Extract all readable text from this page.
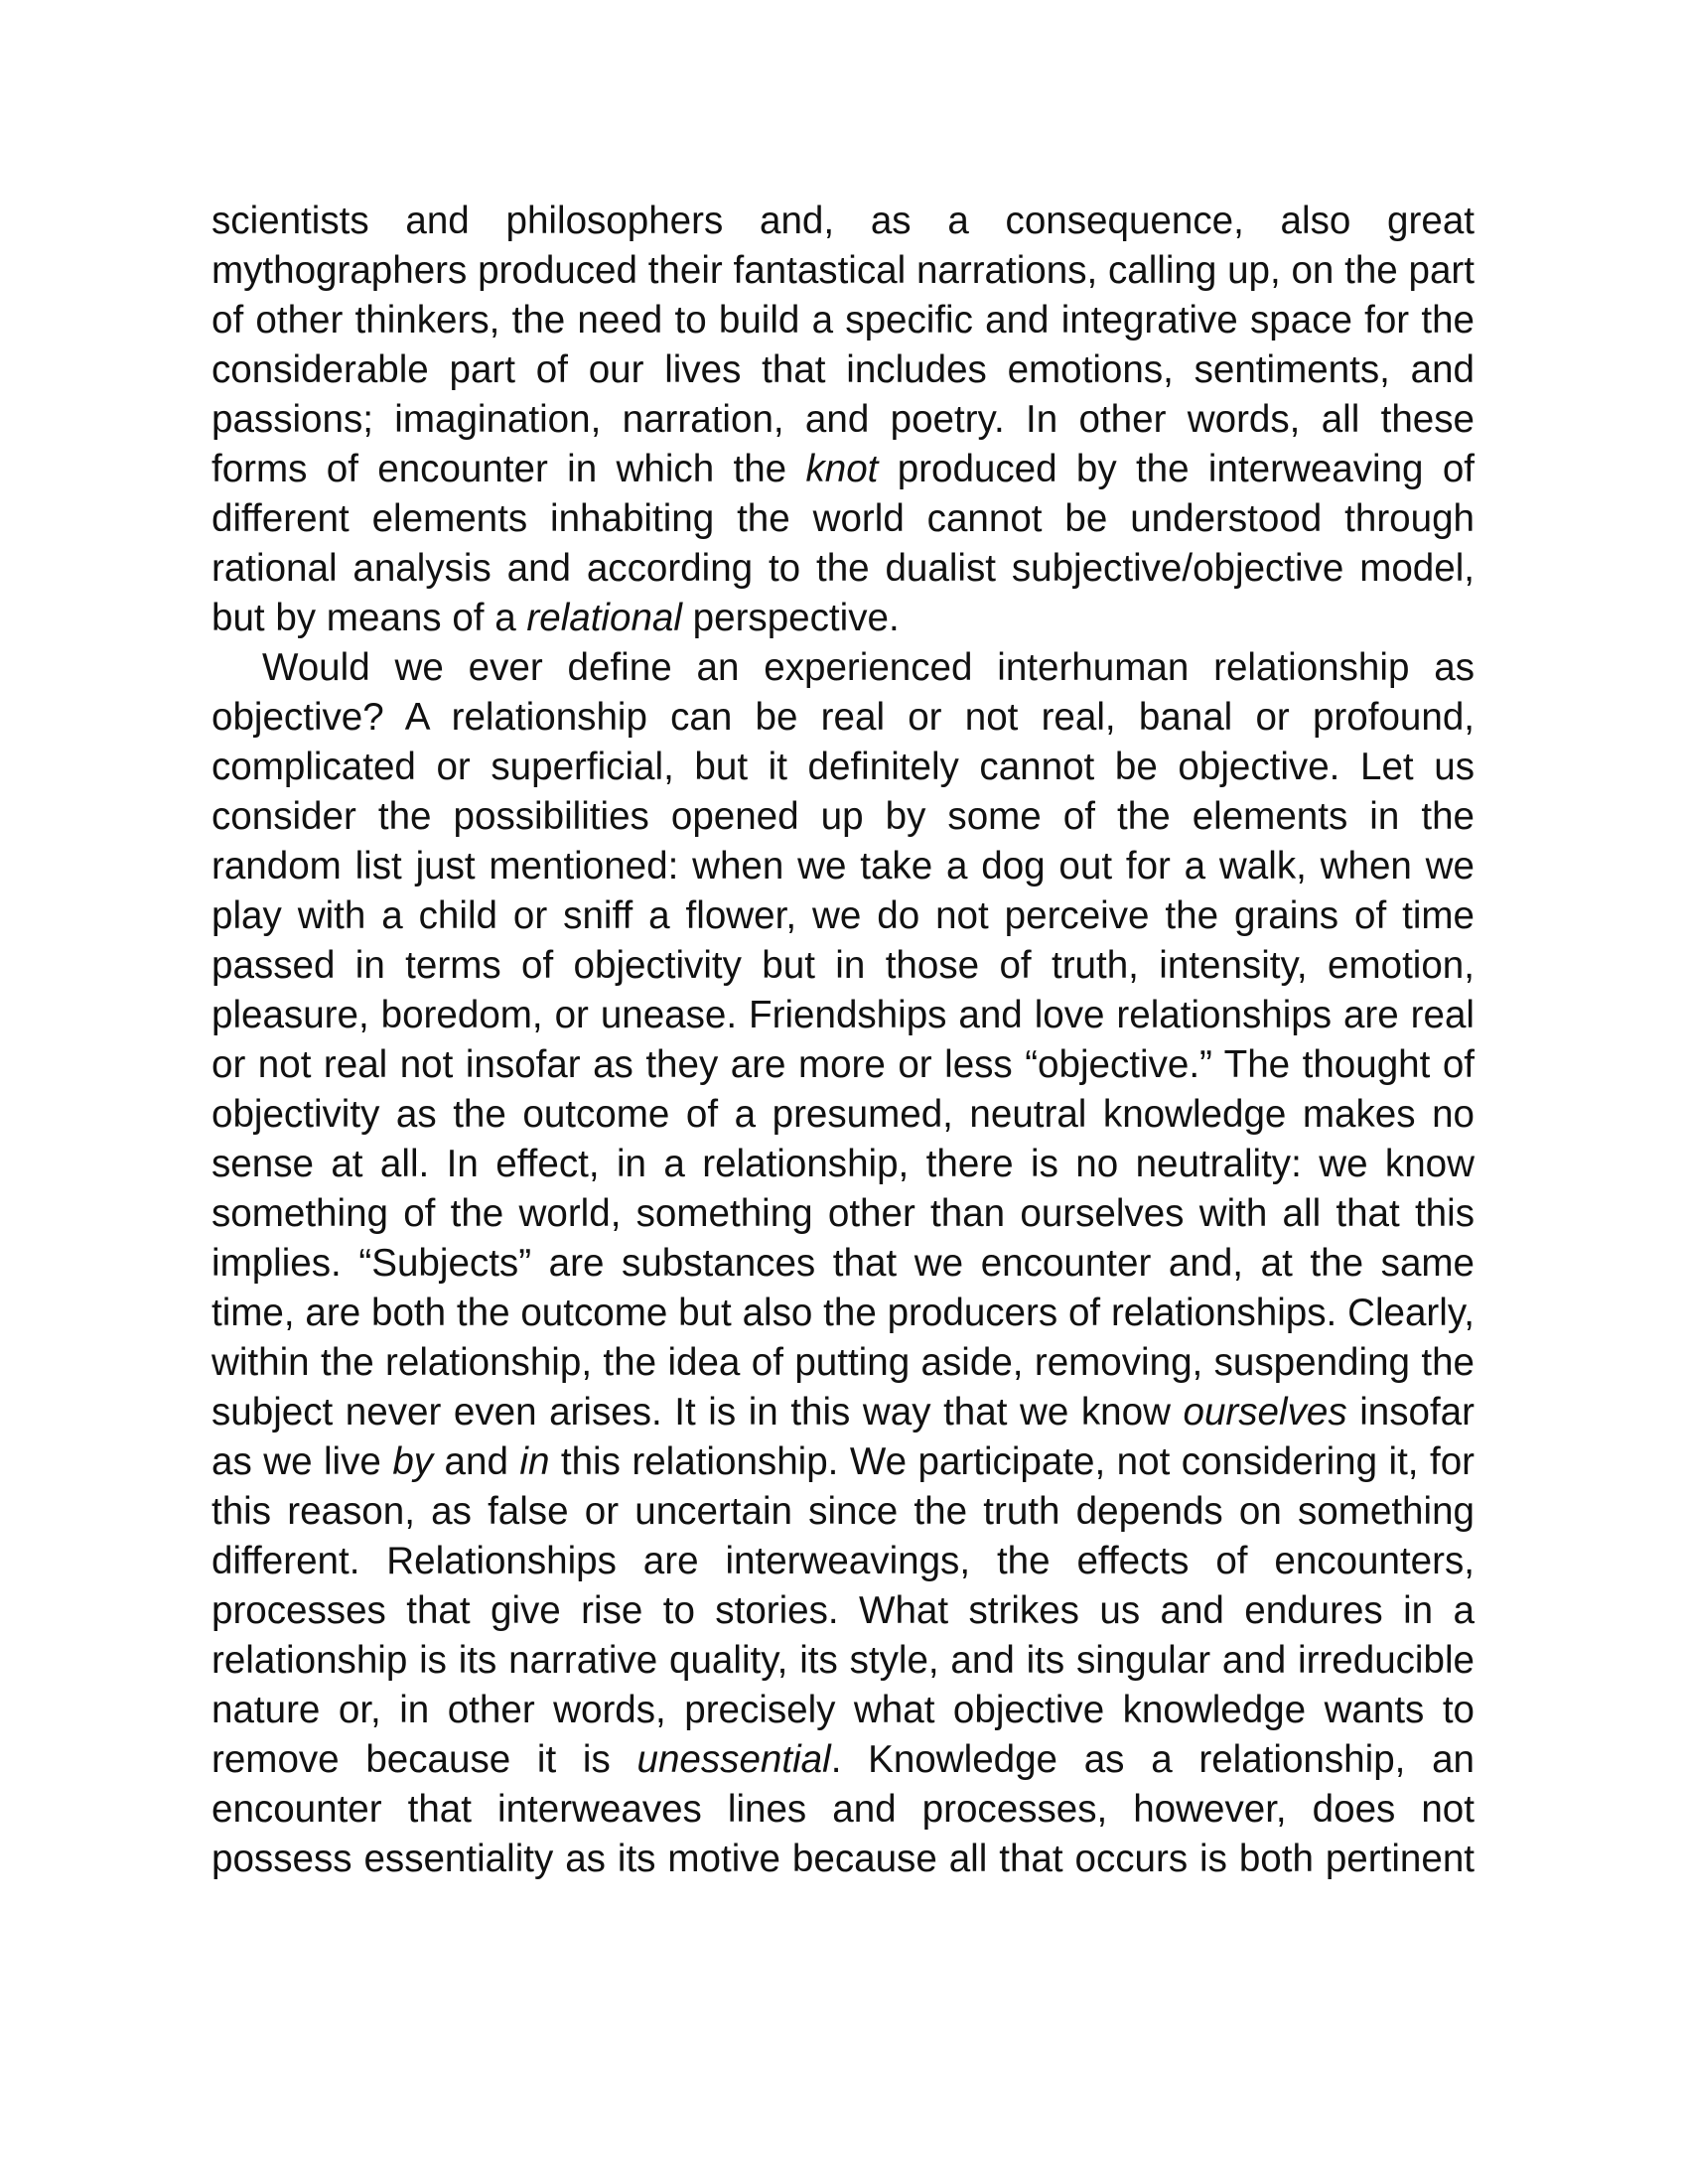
scientists and philosophers and, as a consequence, also great mythographers produced their fantastical narrations, calling up, on the part of other thinkers, the need to build a specific and integrative space for the considerable part of our lives that includes emotions, sentiments, and passions; imagination, narration, and poetry. In other words, all these forms of encounter in which the knot produced by the interweaving of different elements inhabiting the world cannot be understood through rational analysis and according to the dualist subjective/objective model, but by means of a relational perspective.

Would we ever define an experienced interhuman relationship as objective? A relationship can be real or not real, banal or profound, complicated or superficial, but it definitely cannot be objective. Let us consider the possibilities opened up by some of the elements in the random list just mentioned: when we take a dog out for a walk, when we play with a child or sniff a flower, we do not perceive the grains of time passed in terms of objectivity but in those of truth, intensity, emotion, pleasure, boredom, or unease. Friendships and love relationships are real or not real not insofar as they are more or less “objective.” The thought of objectivity as the outcome of a presumed, neutral knowledge makes no sense at all. In effect, in a relationship, there is no neutrality: we know something of the world, something other than ourselves with all that this implies. “Subjects” are substances that we encounter and, at the same time, are both the outcome but also the producers of relationships. Clearly, within the relationship, the idea of putting aside, removing, suspending the subject never even arises. It is in this way that we know ourselves insofar as we live by and in this relationship. We participate, not considering it, for this reason, as false or uncertain since the truth depends on something different. Relationships are interweavings, the effects of encounters, processes that give rise to stories. What strikes us and endures in a relationship is its narrative quality, its style, and its singular and irreducible nature or, in other words, precisely what objective knowledge wants to remove because it is unessential. Knowledge as a relationship, an encounter that interweaves lines and processes, however, does not possess essentiality as its motive because all that occurs is both pertinent
